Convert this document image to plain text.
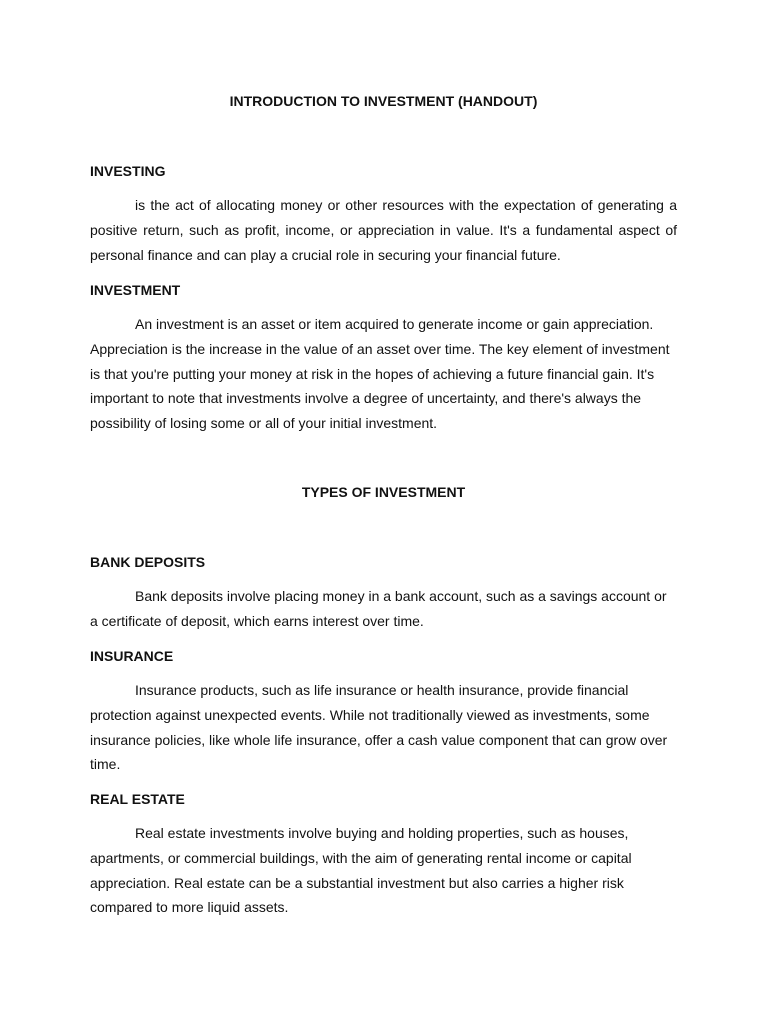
INTRODUCTION TO INVESTMENT (HANDOUT)
INVESTING

is the act of allocating money or other resources with the expectation of generating a positive return, such as profit, income, or appreciation in value. It's a fundamental aspect of personal finance and can play a crucial role in securing your financial future.

INVESTMENT

An investment is an asset or item acquired to generate income or gain appreciation. Appreciation is the increase in the value of an asset over time. The key element of investment is that you're putting your money at risk in the hopes of achieving a future financial gain. It's important to note that investments involve a degree of uncertainty, and there's always the possibility of losing some or all of your initial investment.

TYPES OF INVESTMENT
BANK DEPOSITS

Bank deposits involve placing money in a bank account, such as a savings account or a certificate of deposit, which earns interest over time.

INSURANCE

Insurance products, such as life insurance or health insurance, provide financial protection against unexpected events. While not traditionally viewed as investments, some insurance policies, like whole life insurance, offer a cash value component that can grow over time.

REAL ESTATE

Real estate investments involve buying and holding properties, such as houses, apartments, or commercial buildings, with the aim of generating rental income or capital appreciation. Real estate can be a substantial investment but also carries a higher risk compared to more liquid assets.
